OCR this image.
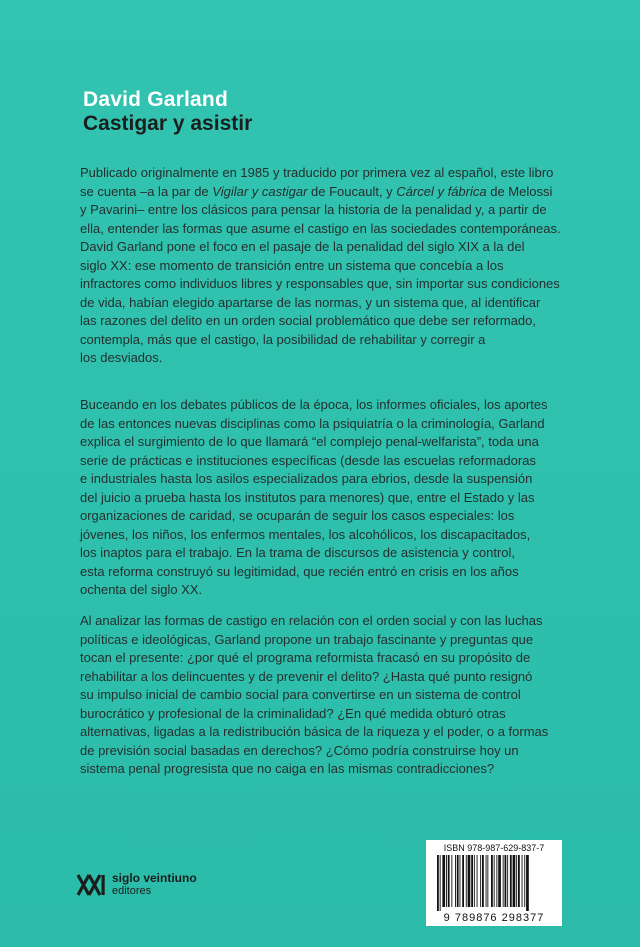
David Garland
Castigar y asistir

Publicado originalmente en 1985 y traducido por primera vez al español, este libro
se cuenta –a la par de Vigilar y castigar de Foucault, y Cárcel y fábrica de Melossi
y Pavarini– entre los clásicos para pensar la historia de la penalidad y, a partir de
ella, entender las formas que asume el castigo en las sociedades contemporáneas.
David Garland pone el foco en el pasaje de la penalidad del siglo XIX a la del
siglo XX: ese momento de transición entre un sistema que concebía a los
infractores como individuos libres y responsables que, sin importar sus condiciones
de vida, habían elegido apartarse de las normas, y un sistema que, al identificar
las razones del delito en un orden social problemático que debe ser reformado,
contempla, más que el castigo, la posibilidad de rehabilitar y corregir a
los desviados.

Buceando en los debates públicos de la época, los informes oficiales, los aportes
de las entonces nuevas disciplinas como la psiquiatría o la criminología, Garland
explica el surgimiento de lo que llamará “el complejo penal-welfarista”, toda una
serie de prácticas e instituciones específicas (desde las escuelas reformadoras
e industriales hasta los asilos especializados para ebrios, desde la suspensión
del juicio a prueba hasta los institutos para menores) que, entre el Estado y las
organizaciones de caridad, se ocuparán de seguir los casos especiales: los
jóvenes, los niños, los enfermos mentales, los alcohólicos, los discapacitados,
los inaptos para el trabajo. En la trama de discursos de asistencia y control,
esta reforma construyó su legitimidad, que recién entró en crisis en los años
ochenta del siglo XX.

Al analizar las formas de castigo en relación con el orden social y con las luchas
políticas e ideológicas, Garland propone un trabajo fascinante y preguntas que
tocan el presente: ¿por qué el programa reformista fracasó en su propósito de
rehabilitar a los delincuentes y de prevenir el delito? ¿Hasta qué punto resignó
su impulso inicial de cambio social para convertirse en un sistema de control
burocrático y profesional de la criminalidad? ¿En qué medida obturó otras
alternativas, ligadas a la redistribución básica de la riqueza y el poder, o a formas
de previsión social basadas en derechos? ¿Cómo podría construirse hoy un
sistema penal progresista que no caiga en las mismas contradicciones?

siglo veintiuno
editores
ISBN 978-987-629-837-7
9 789876 298377
